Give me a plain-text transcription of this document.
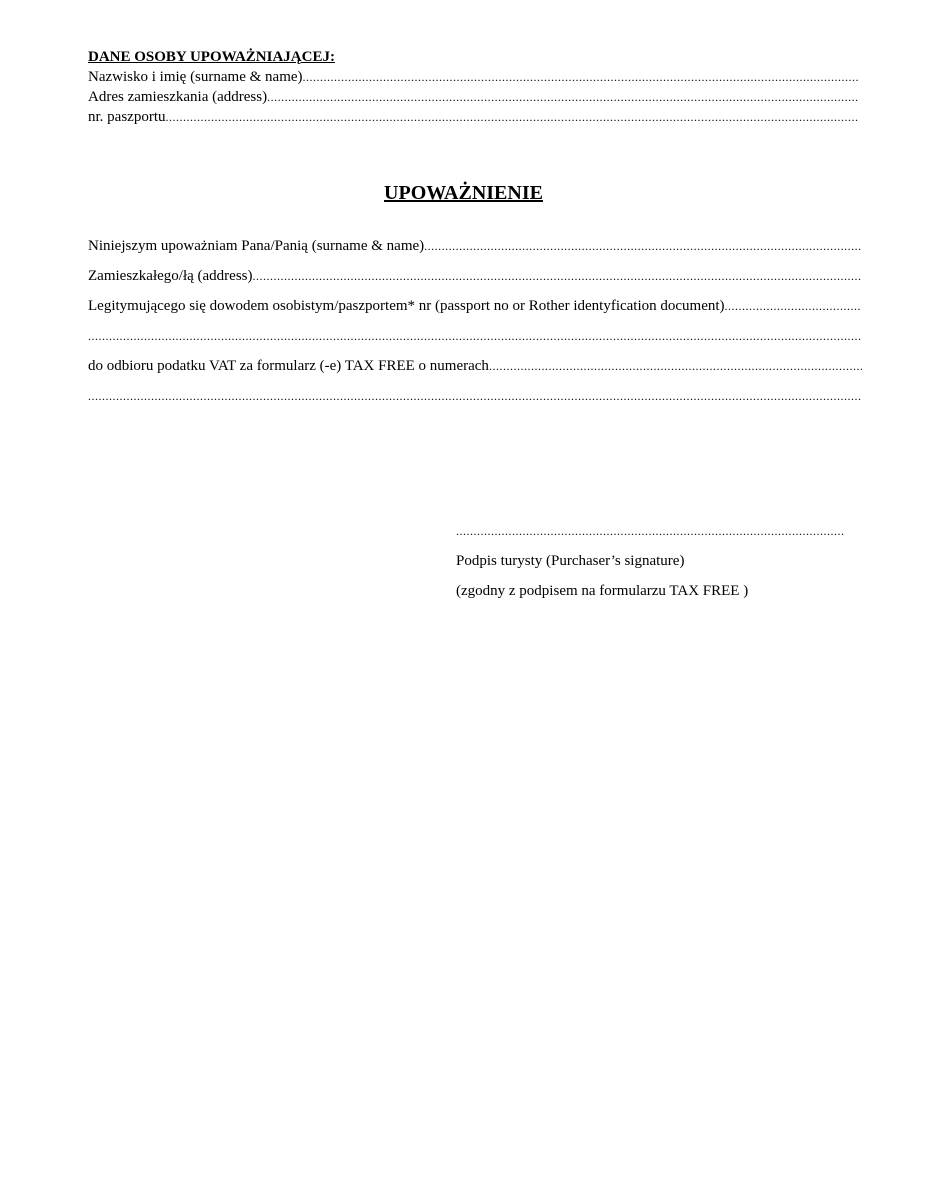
DANE OSOBY UPOWAŻNIAJĄCEJ:
Nazwisko i imię (surname & name)
.....
Adres zamieszkania (address)
.....
nr. paszportu
.....
UPOWAŻNIENIE
Niniejszym upoważniam Pana/Panią (surname & name)
.....
Zamieszkałego/łą (address)
.....
Legitymującego się dowodem osobistym/paszportem* nr (passport no or Rother identyfication document)
.....
.....
do odbioru podatku VAT za formularz (-e) TAX FREE o numerach
.....
.....
.....
Podpis turysty (Purchaser’s signature)
(zgodny z podpisem na formularzu TAX FREE )
